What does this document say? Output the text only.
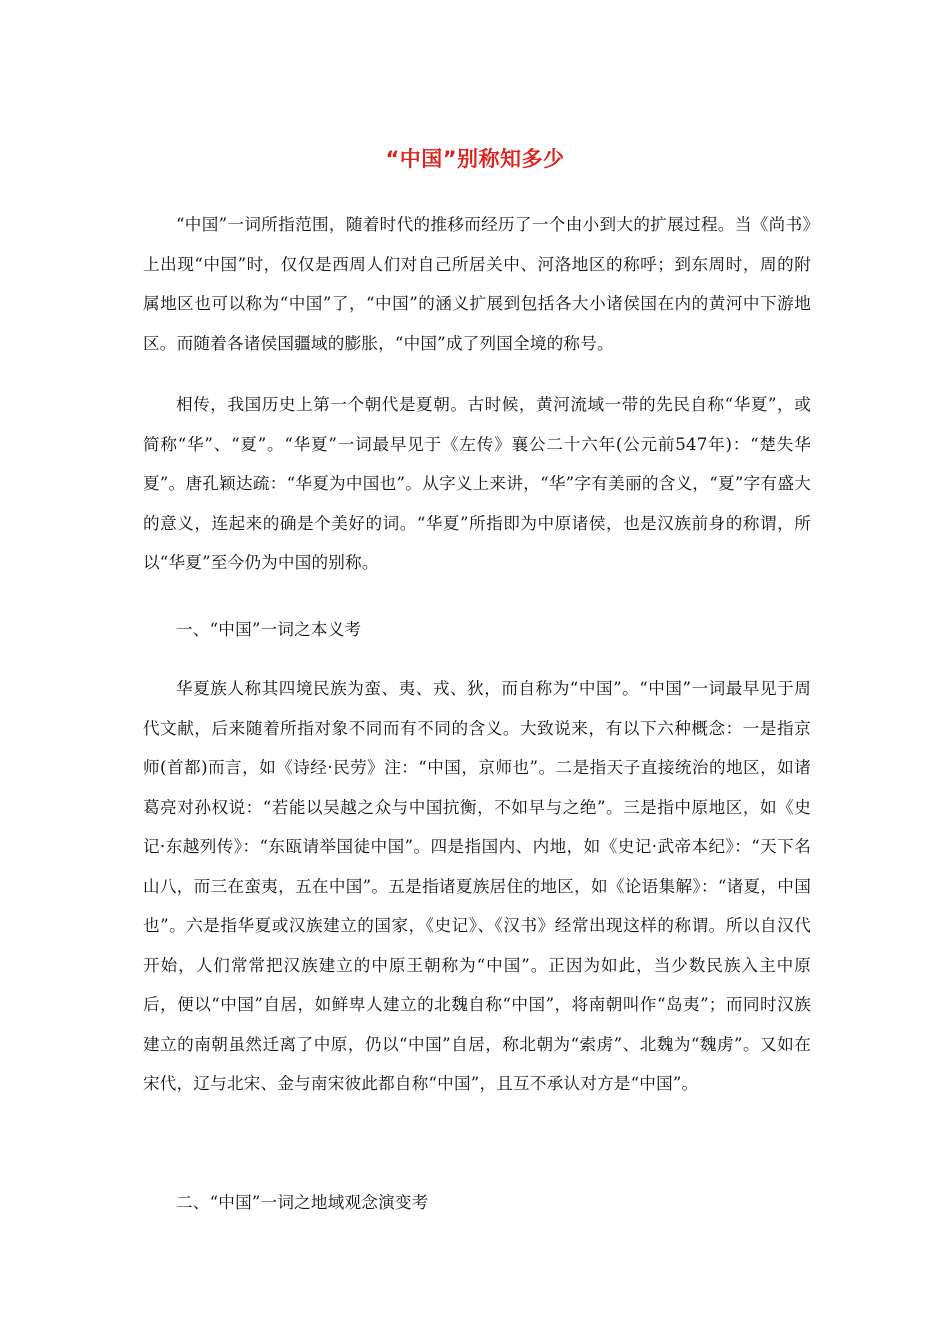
“中国”别称知多少

“中国”一词所指范围，随着时代的推移而经历了一个由小到大的扩展过程。当《尚书》上出现“中国”时，仅仅是西周人们对自己所居关中、河洛地区的称呼；到东周时，周的附属地区也可以称为“中国”了，“中国”的涵义扩展到包括各大小诸侯国在内的黄河中下游地区。而随着各诸侯国疆域的膨胀，“中国”成了列国全境的称号。

相传，我国历史上第一个朝代是夏朝。古时候，黄河流域一带的先民自称“华夏”，或简称“华”、“夏”。“华夏”一词最早见于《左传》襄公二十六年(公元前547年)：“楚失华夏”。唐孔颖达疏：“华夏为中国也”。从字义上来讲，“华”字有美丽的含义，“夏”字有盛大的意义，连起来的确是个美好的词。“华夏”所指即为中原诸侯，也是汉族前身的称谓，所以“华夏”至今仍为中国的别称。

一、“中国”一词之本义考

华夏族人称其四境民族为蛮、夷、戎、狄，而自称为“中国”。“中国”一词最早见于周代文献，后来随着所指对象不同而有不同的含义。大致说来，有以下六种概念：一是指京师(首都)而言，如《诗经·民劳》注：“中国，京师也”。二是指天子直接统治的地区，如诸葛亮对孙权说：“若能以吴越之众与中国抗衡，不如早与之绝”。三是指中原地区，如《史记·东越列传》：“东瓯请举国徒中国”。四是指国内、内地，如《史记·武帝本纪》：“天下名山八，而三在蛮夷，五在中国”。五是指诸夏族居住的地区，如《论语集解》：“诸夏，中国也”。六是指华夏或汉族建立的国家，《史记》、《汉书》经常出现这样的称谓。所以自汉代开始，人们常常把汉族建立的中原王朝称为“中国”。正因为如此，当少数民族入主中原后，便以“中国”自居，如鲜卑人建立的北魏自称“中国”，将南朝叫作“岛夷”；而同时汉族建立的南朝虽然迁离了中原，仍以“中国”自居，称北朝为“索虏”、北魏为“魏虏”。又如在宋代，辽与北宋、金与南宋彼此都自称“中国”，且互不承认对方是“中国”。

二、“中国”一词之地域观念演变考
